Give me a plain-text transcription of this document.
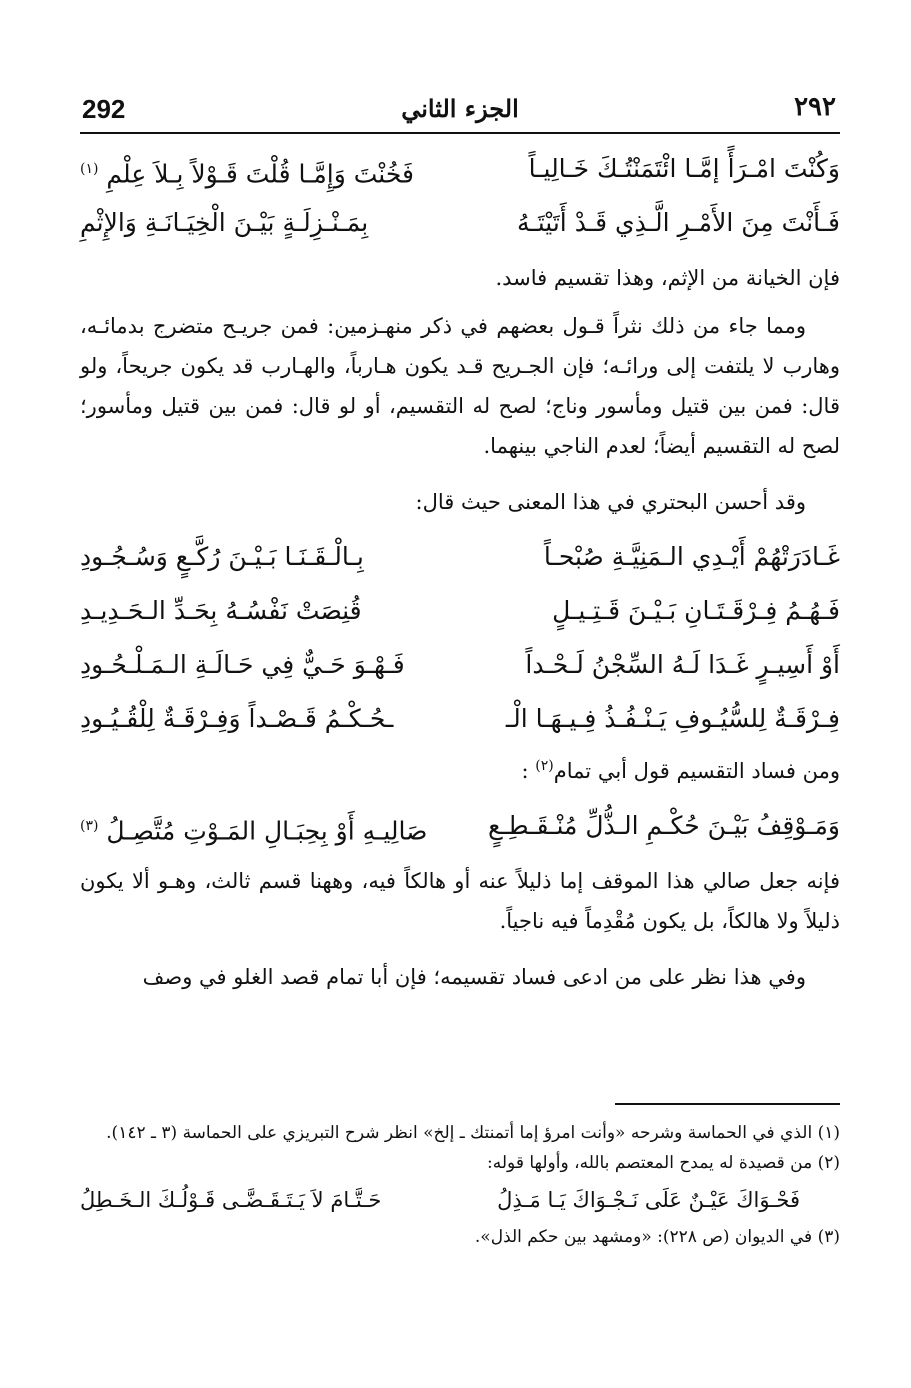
٢٩٢
الجزء الثاني
292
وَكُنْتَ امْـرَأً إمَّـا ائْتَمَنْتُـكَ خَـالِيـاً
فَخُنْتَ وَإِمَّـا قُلْتَ قَـوْلاً بِـلاَ عِلْمِ $^{(١)}$
فَـأَنْتَ مِنَ الأَمْـرِ الَّـذِي قَـدْ أَتَيْتَـهُ
بِمَـنْـزِلَـةٍ بَيْـنَ الْخِيَـانَـةِ وَالإِثْمِ

فإن الخيانة من الإثم، وهذا تقسيم فاسد.

ومما جاء من ذلك نثراً قـول بعضهم في ذكر منهـزمين: فمن جريـح متضرج بدمائـه، وهارب لا يلتفت إلى ورائـه؛ فإن الجـريح قـد يكون هـارباً، والهـارب قد يكون جريحاً، ولو قال: فمن بين قتيل ومأسور وناج؛ لصح له التقسيم، أو لو قال: فمن بين قتيل ومأسور؛ لصح له التقسيم أيضاً؛ لعدم الناجي بينهما.

وقد أحسن البحتري في هذا المعنى حيث قال:

غَـادَرَتْهُمْ أَيْـدِي الـمَنِيَّـةِ صُبْحـاً
بِـالْـقَـنَـا بَـيْـنَ رُكَّـعٍ وَسُـجُـودِ
فَـهُـمُ فِـرْقَـتَـانِ بَـيْـنَ قَـتِـيـلٍ
قُنِصَتْ نَفْسُـهُ بِحَـدِّ الـحَـدِيـدِ
أَوْ أَسِيـرٍ غَـدَا لَـهُ السِّجْنُ لَـحْـداً
فَـهْـوَ حَـيٌّ فِي حَـالَـةِ الـمَـلْـحُـودِ
فِـرْقَـةٌ لِلسُّيُـوفِ يَـنْـفُـذُ فِـيـهَـا الْـ
ـحُـكْـمُ قَـصْـداً وَفِـرْقَـةٌ لِلْقُـيُـودِ

ومن فساد التقسيم قول أبي تمام$^{(٢)}$ :

وَمَـوْقِفُ بَيْـنَ حُكْـمِ الـذُّلِّ مُنْـقَـطِـعٍ
صَالِيـهِ أَوْ بِحِبَـالِ المَـوْتِ مُتَّصِـلُ $^{(٣)}$

فإنه جعل صالي هذا الموقف إما ذليلاً عنه أو هالكاً فيه، وههنا قسم ثالث، وهـو ألا يكون ذليلاً ولا هالكاً، بل يكون مُقْدِماً فيه ناجياً.

وفي هذا نظر على من ادعى فساد تقسيمه؛ فإن أبا تمام قصد الغلو في وصف

(١) الذي في الحماسة وشرحه «وأنت امرؤ إما أتمنتك ـ إلخ» انظر شرح التبريزي على الحماسة (٣ ـ ١٤٢).

(٢) من قصيدة له يمدح المعتصم بالله، وأولها قوله:

فَحْـوَاكَ عَيْـنٌ عَلَى نَـجْـوَاكَ يَـا مَـذِلُ
حَـتَّـامَ لاَ يَـتَـقَـضَّـى قَـوْلُـكَ الـخَـطِلُ

(٣) في الديوان (ص ٢٢٨): «ومشهد بين حكم الذل».
